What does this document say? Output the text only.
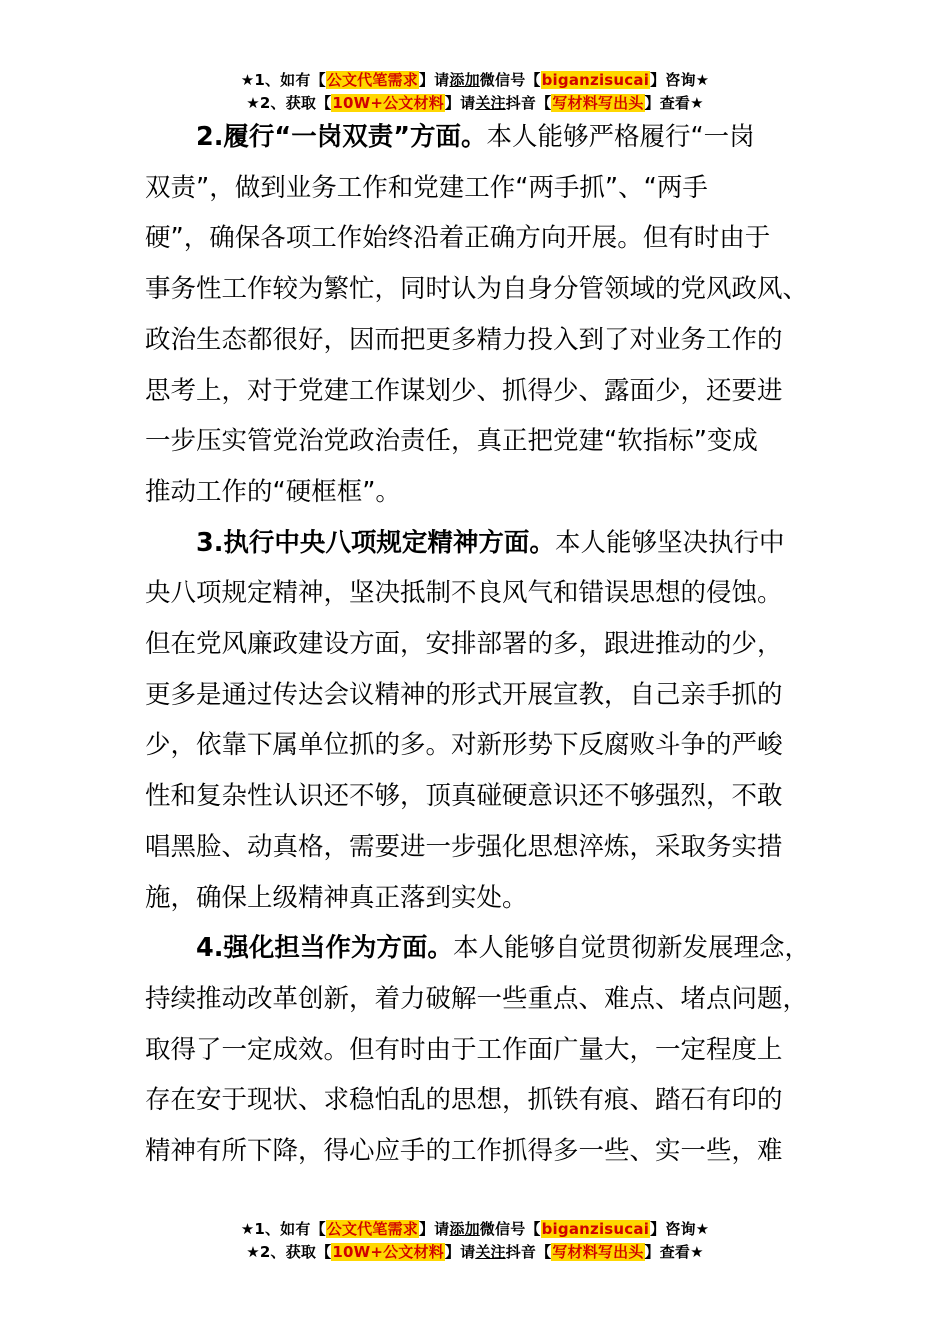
★1、如有【公文代笔需求】请添加微信号【biganzisucai】咨询★
★2、获取【10W+公文材料】请关注抖音【写材料写出头】查看★
2.履行“一岗双责”方面。本人能够严格履行“一岗
双责”，做到业务工作和党建工作“两手抓”、“两手
硬”，确保各项工作始终沿着正确方向开展。但有时由于
事务性工作较为繁忙，同时认为自身分管领域的党风政风、
政治生态都很好，因而把更多精力投入到了对业务工作的
思考上，对于党建工作谋划少、抓得少、露面少，还要进
一步压实管党治党政治责任，真正把党建“软指标”变成
推动工作的“硬框框”。
3.执行中央八项规定精神方面。本人能够坚决执行中
央八项规定精神，坚决抵制不良风气和错误思想的侵蚀。
但在党风廉政建设方面，安排部署的多，跟进推动的少，
更多是通过传达会议精神的形式开展宣教，自己亲手抓的
少，依靠下属单位抓的多。对新形势下反腐败斗争的严峻
性和复杂性认识还不够，顶真碰硬意识还不够强烈，不敢
唱黑脸、动真格，需要进一步强化思想淬炼，采取务实措
施，确保上级精神真正落到实处。
4.强化担当作为方面。本人能够自觉贯彻新发展理念，
持续推动改革创新，着力破解一些重点、难点、堵点问题，
取得了一定成效。但有时由于工作面广量大，一定程度上
存在安于现状、求稳怕乱的思想，抓铁有痕、踏石有印的
精神有所下降，得心应手的工作抓得多一些、实一些，难
★1、如有【公文代笔需求】请添加微信号【biganzisucai】咨询★
★2、获取【10W+公文材料】请关注抖音【写材料写出头】查看★
